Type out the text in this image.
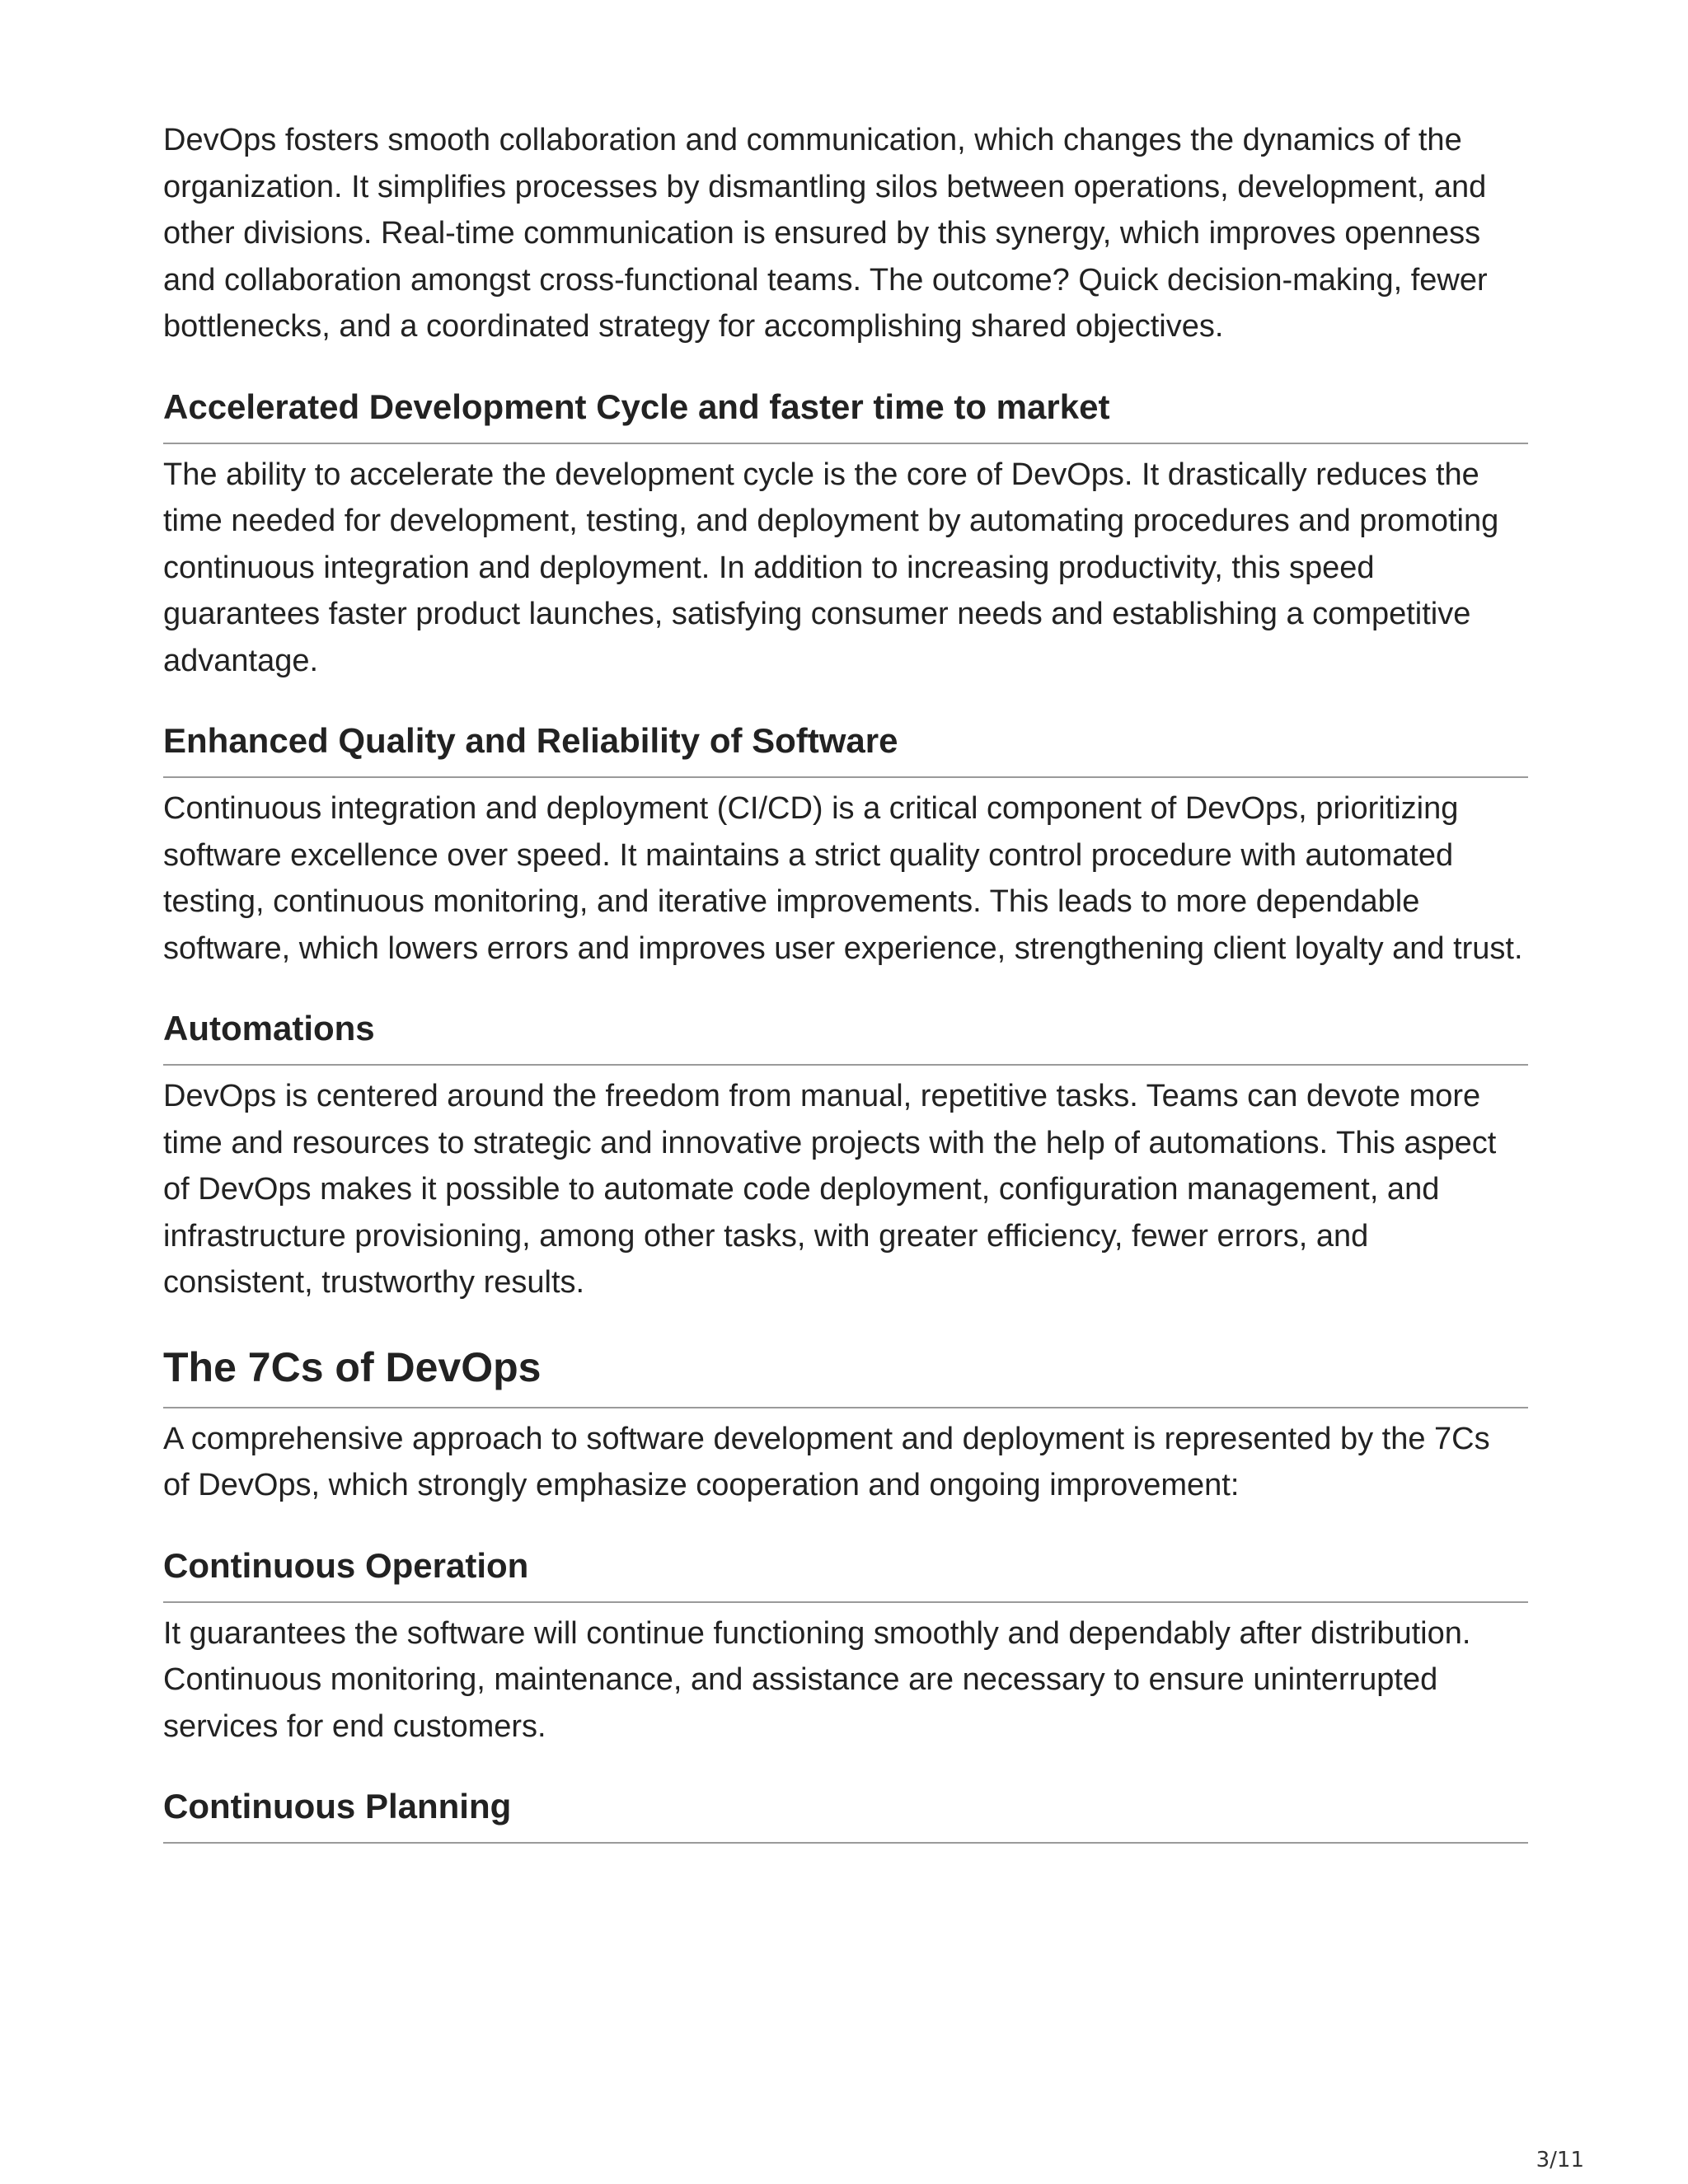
DevOps fosters smooth collaboration and communication, which changes the dynamics of the organization. It simplifies processes by dismantling silos between operations, development, and other divisions. Real-time communication is ensured by this synergy, which improves openness and collaboration amongst cross-functional teams. The outcome? Quick decision-making, fewer bottlenecks, and a coordinated strategy for accomplishing shared objectives.

Accelerated Development Cycle and faster time to market

The ability to accelerate the development cycle is the core of DevOps. It drastically reduces the time needed for development, testing, and deployment by automating procedures and promoting continuous integration and deployment. In addition to increasing productivity, this speed guarantees faster product launches, satisfying consumer needs and establishing a competitive advantage.

Enhanced Quality and Reliability of Software

Continuous integration and deployment (CI/CD) is a critical component of DevOps, prioritizing software excellence over speed. It maintains a strict quality control procedure with automated testing, continuous monitoring, and iterative improvements. This leads to more dependable software, which lowers errors and improves user experience, strengthening client loyalty and trust.

Automations

DevOps is centered around the freedom from manual, repetitive tasks. Teams can devote more time and resources to strategic and innovative projects with the help of automations. This aspect of DevOps makes it possible to automate code deployment, configuration management, and infrastructure provisioning, among other tasks, with greater efficiency, fewer errors, and consistent, trustworthy results.

The 7Cs of DevOps

A comprehensive approach to software development and deployment is represented by the 7Cs of DevOps, which strongly emphasize cooperation and ongoing improvement:

Continuous Operation

It guarantees the software will continue functioning smoothly and dependably after distribution. Continuous monitoring, maintenance, and assistance are necessary to ensure uninterrupted services for end customers.

Continuous Planning
3/11
